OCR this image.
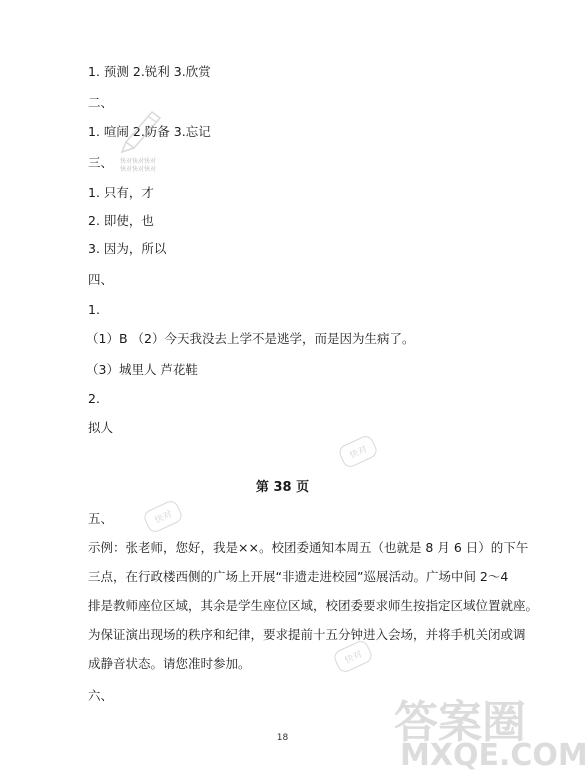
1. 预测 2.锐利 3.欣赏
二、
1. 喧闹 2.防备 3.忘记
三、
1. 只有，才
2. 即使，也
3. 因为，所以
四、
1.
（1）B （2）今天我没去上学不是逃学，而是因为生病了。
（3）城里人 芦花鞋
2.
拟人
第 38 页
五、
示例：张老师，您好，我是××。校团委通知本周五（也就是 8 月 6 日）的下午
三点，在行政楼西侧的广场上开展“非遗走进校园”巡展活动。广场中间 2～4
排是教师座位区域，其余是学生座位区域，校团委要求师生按指定区域位置就座。
为保证演出现场的秩序和纪律，要求提前十五分钟进入会场，并将手机关闭或调
成静音状态。请您准时参加。
六、
18
快对快对快对
快对快对快对
快对
快对
快对
答案圈
MXQE.COM
